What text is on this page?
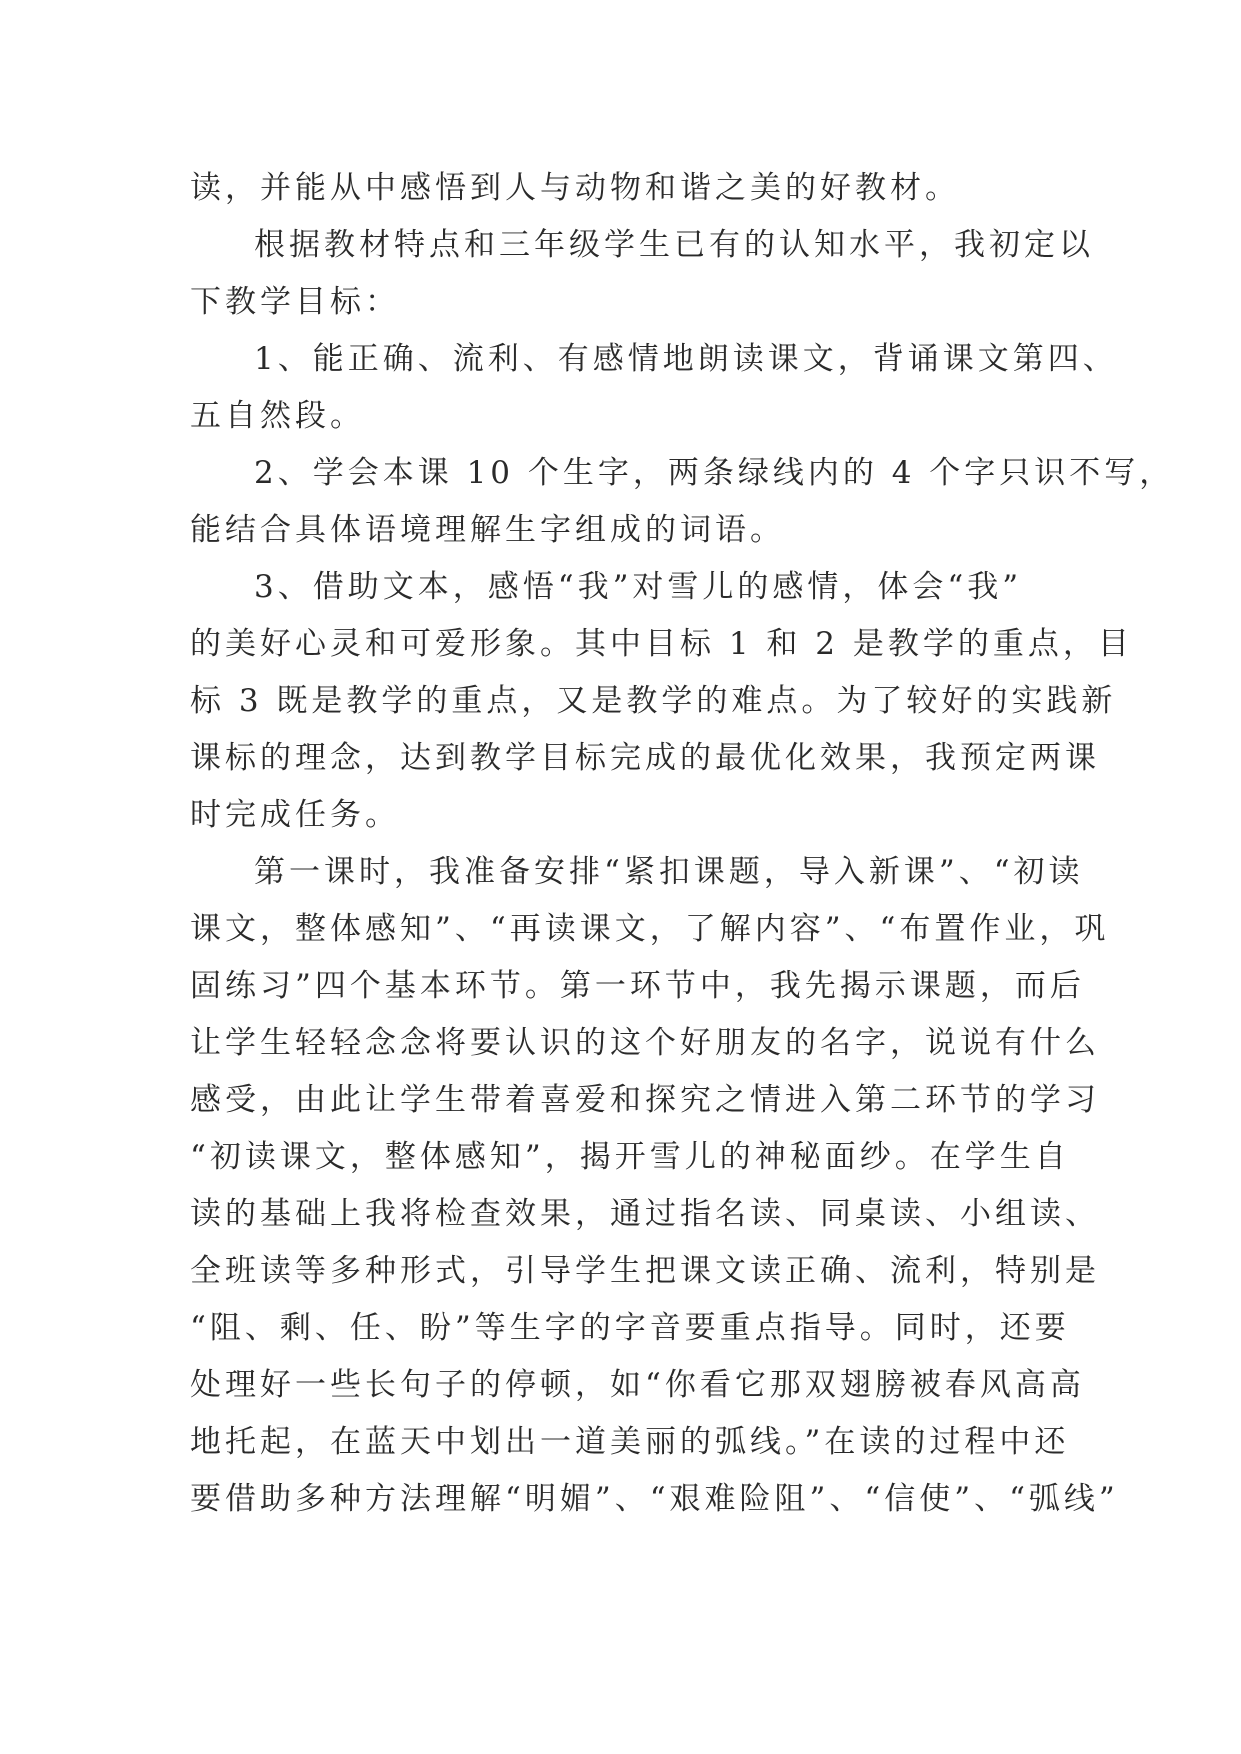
读，并能从中感悟到人与动物和谐之美的好教材。
根据教材特点和三年级学生已有的认知水平，我初定以
下教学目标：
1、能正确、流利、有感情地朗读课文，背诵课文第四、
五自然段。
2、学会本课 10 个生字，两条绿线内的 4 个字只识不写，
能结合具体语境理解生字组成的词语。
3、借助文本，感悟“我”对雪儿的感情，体会“我”
的美好心灵和可爱形象。其中目标 1 和 2 是教学的重点，目
标 3 既是教学的重点，又是教学的难点。为了较好的实践新
课标的理念，达到教学目标完成的最优化效果，我预定两课
时完成任务。
第一课时，我准备安排“紧扣课题，导入新课”、“初读
课文，整体感知”、“再读课文，了解内容”、“布置作业，巩
固练习”四个基本环节。第一环节中，我先揭示课题，而后
让学生轻轻念念将要认识的这个好朋友的名字，说说有什么
感受，由此让学生带着喜爱和探究之情进入第二环节的学习
“初读课文，整体感知”，揭开雪儿的神秘面纱。在学生自
读的基础上我将检查效果，通过指名读、同桌读、小组读、
全班读等多种形式，引导学生把课文读正确、流利，特别是
“阻、剩、任、盼”等生字的字音要重点指导。同时，还要
处理好一些长句子的停顿，如“你看它那双翅膀被春风高高
地托起，在蓝天中划出一道美丽的弧线。”在读的过程中还
要借助多种方法理解“明媚”、“艰难险阻”、“信使”、“弧线”
